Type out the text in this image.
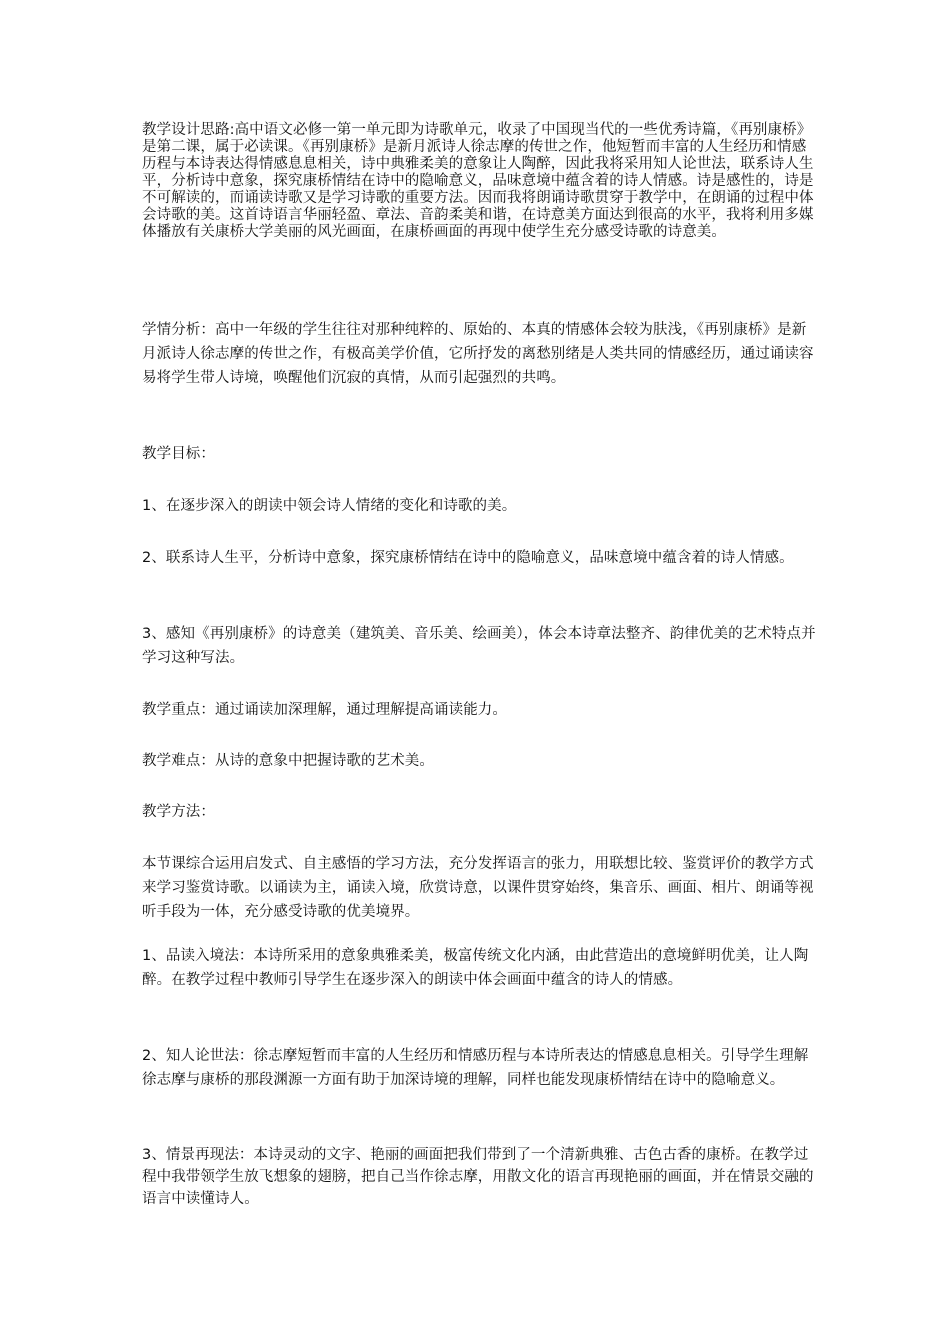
教学设计思路:高中语文必修一第一单元即为诗歌单元，收录了中国现当代的一些优秀诗篇，《再别康桥》是第二课，属于必读课。《再别康桥》是新月派诗人徐志摩的传世之作，他短暂而丰富的人生经历和情感历程与本诗表达得情感息息相关，诗中典雅柔美的意象让人陶醉，因此我将采用知人论世法，联系诗人生平，分析诗中意象，探究康桥情结在诗中的隐喻意义，品味意境中蕴含着的诗人情感。诗是感性的，诗是不可解读的，而诵读诗歌又是学习诗歌的重要方法。因而我将朗诵诗歌贯穿于教学中，在朗诵的过程中体会诗歌的美。这首诗语言华丽轻盈、章法、音韵柔美和谐，在诗意美方面达到很高的水平，我将利用多媒体播放有关康桥大学美丽的风光画面，在康桥画面的再现中使学生充分感受诗歌的诗意美。

学情分析：高中一年级的学生往往对那种纯粹的、原始的、本真的情感体会较为肤浅，《再别康桥》是新月派诗人徐志摩的传世之作，有极高美学价值，它所抒发的离愁别绪是人类共同的情感经历，通过诵读容易将学生带人诗境，唤醒他们沉寂的真情，从而引起强烈的共鸣。

教学目标：

1、在逐步深入的朗读中领会诗人情绪的变化和诗歌的美。

2、联系诗人生平，分析诗中意象，探究康桥情结在诗中的隐喻意义，品味意境中蕴含着的诗人情感。

3、感知《再别康桥》的诗意美（建筑美、音乐美、绘画美），体会本诗章法整齐、韵律优美的艺术特点并学习这种写法。

教学重点：通过诵读加深理解，通过理解提高诵读能力。

教学难点：从诗的意象中把握诗歌的艺术美。

教学方法：

本节课综合运用启发式、自主感悟的学习方法，充分发挥语言的张力，用联想比较、鉴赏评价的教学方式来学习鉴赏诗歌。以诵读为主，诵读入境，欣赏诗意，以课件贯穿始终，集音乐、画面、相片、朗诵等视听手段为一体，充分感受诗歌的优美境界。

1、品读入境法：本诗所采用的意象典雅柔美，极富传统文化内涵，由此营造出的意境鲜明优美，让人陶醉。在教学过程中教师引导学生在逐步深入的朗读中体会画面中蕴含的诗人的情感。

2、知人论世法：徐志摩短暂而丰富的人生经历和情感历程与本诗所表达的情感息息相关。引导学生理解徐志摩与康桥的那段渊源一方面有助于加深诗境的理解，同样也能发现康桥情结在诗中的隐喻意义。

3、情景再现法：本诗灵动的文字、艳丽的画面把我们带到了一个清新典雅、古色古香的康桥。在教学过程中我带领学生放飞想象的翅膀，把自己当作徐志摩，用散文化的语言再现艳丽的画面，并在情景交融的语言中读懂诗人。
